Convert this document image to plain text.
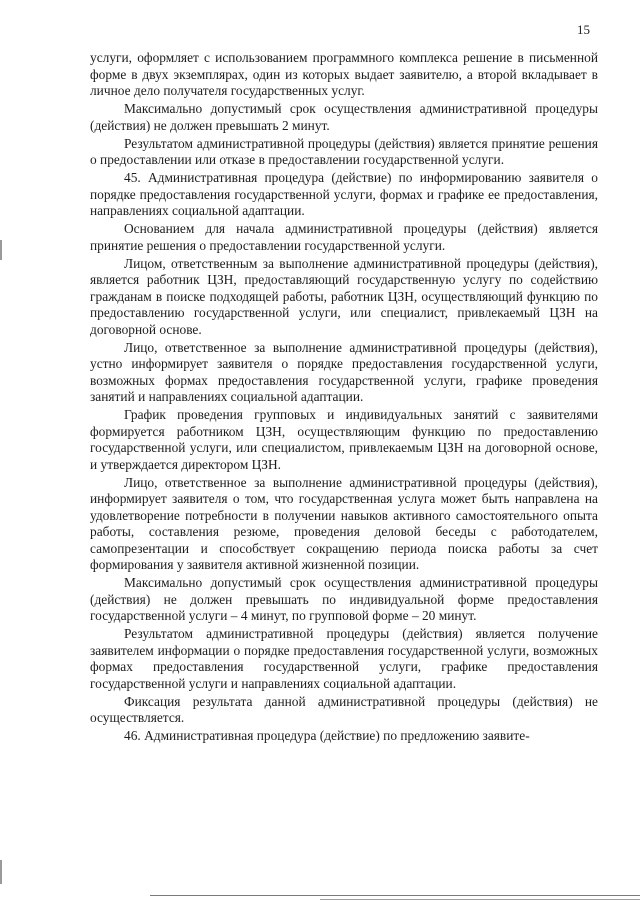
15

услуги, оформляет с использованием программного комплекса решение в письменной форме в двух экземплярах, один из которых выдает заявителю, а второй вкладывает в личное дело получателя государственных услуг.

Максимально допустимый срок осуществления административной процедуры (действия) не должен превышать 2 минут.

Результатом административной процедуры (действия) является принятие решения о предоставлении или отказе в предоставлении государственной услуги.

45. Административная процедура (действие) по информированию заявителя о порядке предоставления государственной услуги, формах и графике ее предоставления, направлениях социальной адаптации.

Основанием для начала административной процедуры (действия) является принятие решения о предоставлении государственной услуги.

Лицом, ответственным за выполнение административной процедуры (действия), является работник ЦЗН, предоставляющий государственную услугу по содействию гражданам в поиске подходящей работы, работник ЦЗН, осуществляющий функцию по предоставлению государственной услуги, или специалист, привлекаемый ЦЗН на договорной основе.

Лицо, ответственное за выполнение административной процедуры (действия), устно информирует заявителя о порядке предоставления государственной услуги, возможных формах предоставления государственной услуги, графике проведения занятий и направлениях социальной адаптации.

График проведения групповых и индивидуальных занятий с заявителями формируется работником ЦЗН, осуществляющим функцию по предоставлению государственной услуги, или специалистом, привлекаемым ЦЗН на договорной основе, и утверждается директором ЦЗН.

Лицо, ответственное за выполнение административной процедуры (действия), информирует заявителя о том, что государственная услуга может быть направлена на удовлетворение потребности в получении навыков активного самостоятельного опыта работы, составления резюме, проведения деловой беседы с работодателем, самопрезентации и способствует сокращению периода поиска работы за счет формирования у заявителя активной жизненной позиции.

Максимально допустимый срок осуществления административной процедуры (действия) не должен превышать по индивидуальной форме предоставления государственной услуги – 4 минут, по групповой форме – 20 минут.

Результатом административной процедуры (действия) является получение заявителем информации о порядке предоставления государственной услуги, возможных формах предоставления государственной услуги, графике предоставления государственной услуги и направлениях социальной адаптации.

Фиксация результата данной административной процедуры (действия) не осуществляется.

46. Административная процедура (действие) по предложению заявите-
